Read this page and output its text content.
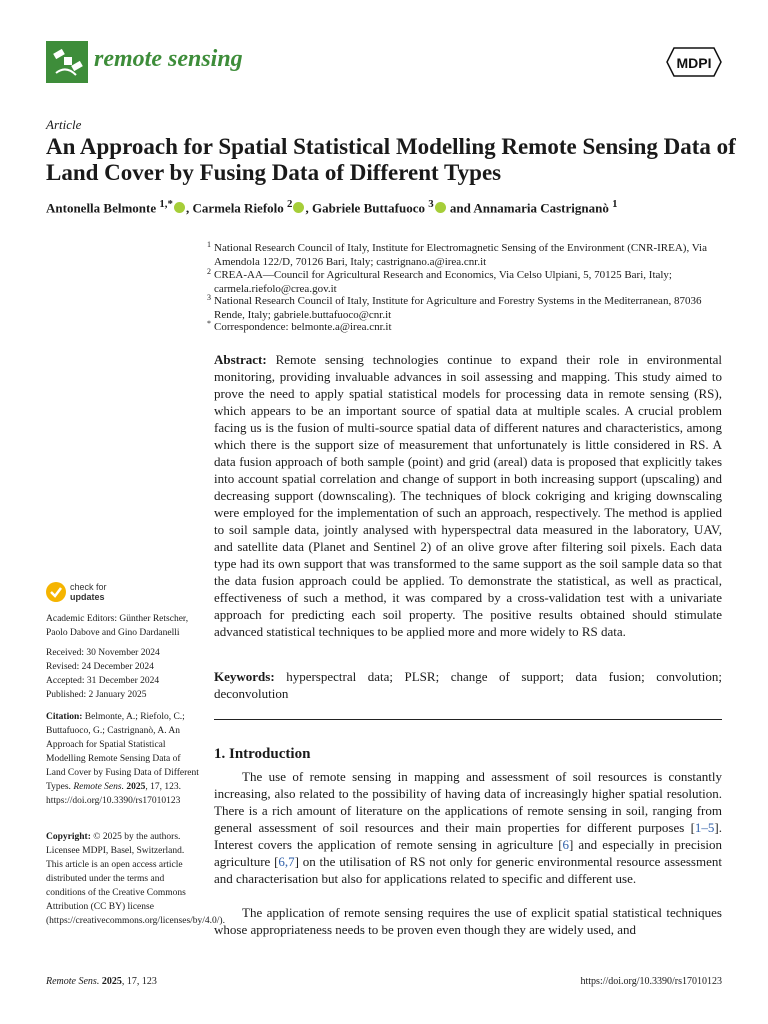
remote sensing	MDPI
Article
An Approach for Spatial Statistical Modelling Remote Sensing Data of Land Cover by Fusing Data of Different Types
Antonella Belmonte $^{1,*}$ , Carmela Riefolo $^2$ , Gabriele Buttafuoco $^3$ and Annamaria Castrignanò $^1$
1 National Research Council of Italy, Institute for Electromagnetic Sensing of the Environment (CNR-IREA), Via Amendola 122/D, 70126 Bari, Italy; castrignano.a@irea.cnr.it
2 CREA-AA—Council for Agricultural Research and Economics, Via Celso Ulpiani, 5, 70125 Bari, Italy; carmela.riefolo@crea.gov.it
3 National Research Council of Italy, Institute for Agriculture and Forestry Systems in the Mediterranean, 87036 Rende, Italy; gabriele.buttafuoco@cnr.it
* Correspondence: belmonte.a@irea.cnr.it
Abstract: Remote sensing technologies continue to expand their role in environmental monitoring, providing invaluable advances in soil assessing and mapping. This study aimed to prove the need to apply spatial statistical models for processing data in remote sensing (RS), which appears to be an important source of spatial data at multiple scales. A crucial problem facing us is the fusion of multi-source spatial data of different natures and characteristics, among which there is the support size of measurement that unfortunately is little considered in RS. A data fusion approach of both sample (point) and grid (areal) data is proposed that explicitly takes into account spatial correlation and change of support in both increasing support (upscaling) and decreasing support (downscaling). The techniques of block cokriging and kriging downscaling were employed for the implementation of such an approach, respectively. The method is applied to soil sample data, jointly analysed with hyperspectral data measured in the laboratory, UAV, and satellite data (Planet and Sentinel 2) of an olive grove after filtering soil pixels. Each data type had its own support that was transformed to the same support as the soil sample data so that the data fusion approach could be applied. To demonstrate the statistical, as well as practical, effectiveness of such a method, it was compared by a cross-validation test with a univariate approach for predicting each soil property. The positive results obtained should stimulate advanced statistical techniques to be applied more and more widely to RS data.
Keywords: hyperspectral data; PLSR; change of support; data fusion; convolution; deconvolution
1. Introduction
The use of remote sensing in mapping and assessment of soil resources is constantly increasing, also related to the possibility of having data of increasingly higher spatial resolution. There is a rich amount of literature on the applications of remote sensing in soil, ranging from general assessment of soil resources and their main properties for different purposes [1–5]. Interest covers the application of remote sensing in agriculture [6] and especially in precision agriculture [6,7] on the utilisation of RS not only for generic environmental resource assessment and characterisation but also for applications related to specific and different use.
The application of remote sensing requires the use of explicit spatial statistical techniques whose appropriateness needs to be proven even though they are widely used, and
check for
updates
Academic Editors: Günther Retscher, Paolo Dabove and Gino Dardanelli
Received: 30 November 2024
Revised: 24 December 2024
Accepted: 31 December 2024
Published: 2 January 2025
Citation: Belmonte, A.; Riefolo, C.; Buttafuoco, G.; Castrignanò, A. An Approach for Spatial Statistical Modelling Remote Sensing Data of Land Cover by Fusing Data of Different Types. Remote Sens. 2025, 17, 123. https://doi.org/10.3390/rs17010123
Copyright: © 2025 by the authors. Licensee MDPI, Basel, Switzerland. This article is an open access article distributed under the terms and conditions of the Creative Commons Attribution (CC BY) license (https://creativecommons.org/licenses/by/4.0/).
Remote Sens. 2025, 17, 123	https://doi.org/10.3390/rs17010123
